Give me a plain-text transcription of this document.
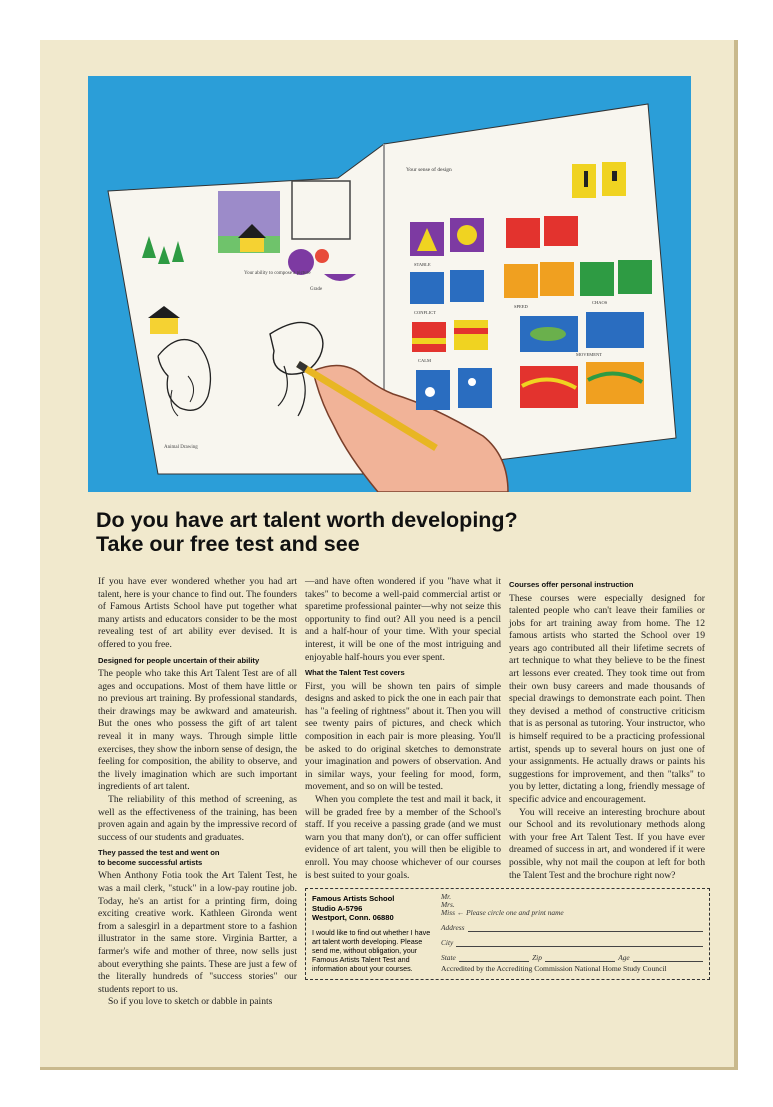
Your ability to compose a picture
Grade
Animal Drawing
Your sense of design
STABLE
CONFLICT
SPEED
CHAOS
CALM
MOVEMENT
Do you have art talent worth developing?
Take our free test and see

If you have ever wondered whether you had art talent, here is your chance to find out. The founders of Famous Artists School have put together what many artists and educators consider to be the most revealing test of art ability ever devised. It is offered to you free.

Designed for people uncertain of their ability

The people who take this Art Talent Test are of all ages and occupations. Most of them have little or no previous art training. By professional standards, their drawings may be awkward and amateurish. But the ones who possess the gift of art talent reveal it in many ways. Through simple little exercises, they show the inborn sense of design, the feeling for composition, the ability to observe, and the lively imagination which are such important ingredients of art talent.

The reliability of this method of screening, as well as the effectiveness of the training, has been proven again and again by the impressive record of success of our students and graduates.

They passed the test and went on
to become successful artists

When Anthony Fotia took the Art Talent Test, he was a mail clerk, "stuck" in a low-pay routine job. Today, he's an artist for a printing firm, doing exciting creative work. Kathleen Gironda went from a salesgirl in a department store to a fashion illustrator in the same store. Virginia Bartter, a farmer's wife and mother of three, now sells just about everything she paints. These are just a few of the literally hundreds of "success stories" our students report to us.

So if you love to sketch or dabble in paints

—and have often wondered if you "have what it takes" to become a well-paid commercial artist or sparetime professional painter—why not seize this opportunity to find out? All you need is a pencil and a half-hour of your time. With your special interest, it will be one of the most intriguing and enjoyable half-hours you ever spent.

What the Talent Test covers

First, you will be shown ten pairs of simple designs and asked to pick the one in each pair that has "a feeling of rightness" about it. Then you will see twenty pairs of pictures, and check which composition in each pair is more pleasing. You'll be asked to do original sketches to demonstrate your imagination and powers of observation. And in similar ways, your feeling for mood, form, movement, and so on will be tested.

When you complete the test and mail it back, it will be graded free by a member of the School's staff. If you receive a passing grade (and we must warn you that many don't), or can offer sufficient evidence of art talent, you will then be eligible to enroll. You may choose whichever of our courses is best suited to your goals.

Courses offer personal instruction

These courses were especially designed for talented people who can't leave their families or jobs for art training away from home. The 12 famous artists who started the School over 19 years ago contributed all their lifetime secrets of art technique to what they believe to be the finest art lessons ever created. They took time out from their own busy careers and made thousands of special drawings to demonstrate each point. Then they devised a method of constructive criticism that is as personal as tutoring. Your instructor, who is himself required to be a practicing professional artist, spends up to several hours on just one of your assignments. He actually draws or paints his suggestions for improvement, and then "talks" to you by letter, dictating a long, friendly message of specific advice and encouragement.

You will receive an interesting brochure about our School and its revolutionary methods along with your free Art Talent Test. If you have ever dreamed of success in art, and wondered if it were possible, why not mail the coupon at left for both the Talent Test and the brochure right now?

Famous Artists School
Studio A-5796
Westport, Conn. 06880
I would like to find out whether I have art talent worth developing. Please send me, without obligation, your Famous Artists Talent Test and information about your courses.
Mr.
Mrs.
Miss ← Please circle one and print name
Address
City
State	Zip	Age
Accredited by the Accrediting Commission National Home Study Council
